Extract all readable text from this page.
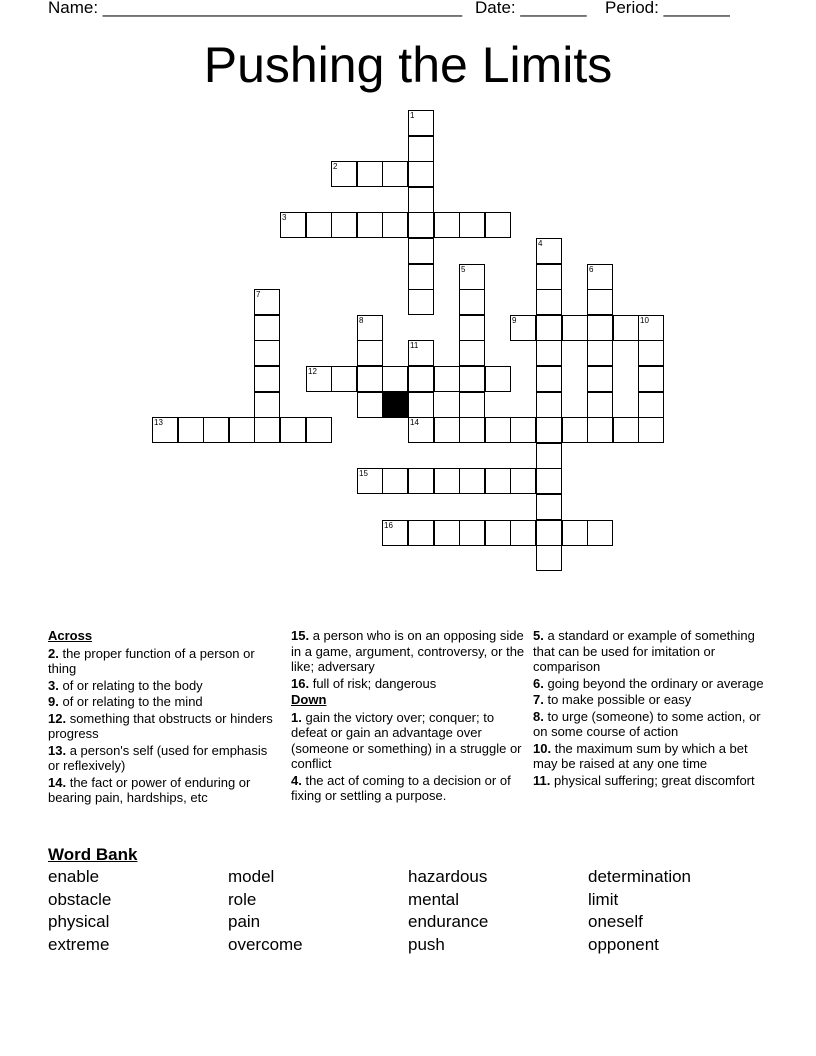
Name: ______________________________________ Date: _______ Period: _______
Pushing the Limits
1
2
3
4
5	6
7
8	9	10
11
14
12
13
15
16
Across
2. the proper function of a person or thing
3. of or relating to the body
9. of or relating to the mind
12. something that obstructs or hinders progress
13. a person's self (used for emphasis or reflexively)
14. the fact or power of enduring or bearing pain, hardships, etc
15. a person who is on an opposing side in a game, argument, controversy, or the like; adversary
16. full of risk; dangerous
Down
1. gain the victory over; conquer; to defeat or gain an advantage over (someone or something) in a struggle or conflict
4. the act of coming to a decision or of fixing or settling a purpose.
5. a standard or example of something that can be used for imitation or comparison
6. going beyond the ordinary or average
7. to make possible or easy
8. to urge (someone) to some action, or on some course of action
10. the maximum sum by which a bet may be raised at any one time
11. physical suffering; great discomfort
Word Bank
enable	model	hazardous	determination
obstacle	role	mental	limit
physical	pain	endurance	oneself
extreme	overcome	push	opponent
